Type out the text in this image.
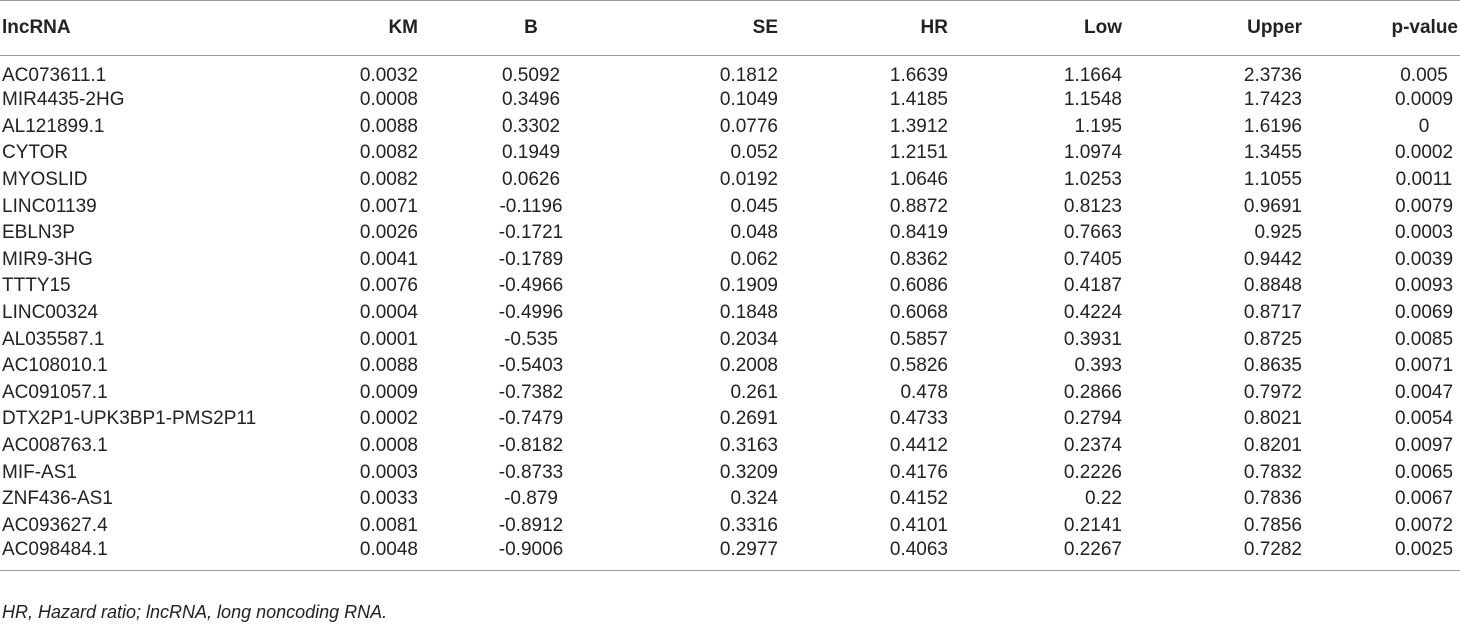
lncRNA	KM	B	SE	HR	Low	Upper	p-value
AC073611.1	0.0032	0.5092	0.1812	1.6639	1.1664	2.3736	0.005
MIR4435-2HG	0.0008	0.3496	0.1049	1.4185	1.1548	1.7423	0.0009
AL121899.1	0.0088	0.3302	0.0776	1.3912	1.195	1.6196	0
CYTOR	0.0082	0.1949	0.052	1.2151	1.0974	1.3455	0.0002
MYOSLID	0.0082	0.0626	0.0192	1.0646	1.0253	1.1055	0.0011
LINC01139	0.0071	-0.1196	0.045	0.8872	0.8123	0.9691	0.0079
EBLN3P	0.0026	-0.1721	0.048	0.8419	0.7663	0.925	0.0003
MIR9-3HG	0.0041	-0.1789	0.062	0.8362	0.7405	0.9442	0.0039
TTTY15	0.0076	-0.4966	0.1909	0.6086	0.4187	0.8848	0.0093
LINC00324	0.0004	-0.4996	0.1848	0.6068	0.4224	0.8717	0.0069
AL035587.1	0.0001	-0.535	0.2034	0.5857	0.3931	0.8725	0.0085
AC108010.1	0.0088	-0.5403	0.2008	0.5826	0.393	0.8635	0.0071
AC091057.1	0.0009	-0.7382	0.261	0.478	0.2866	0.7972	0.0047
DTX2P1-UPK3BP1-PMS2P11	0.0002	-0.7479	0.2691	0.4733	0.2794	0.8021	0.0054
AC008763.1	0.0008	-0.8182	0.3163	0.4412	0.2374	0.8201	0.0097
MIF-AS1	0.0003	-0.8733	0.3209	0.4176	0.2226	0.7832	0.0065
ZNF436-AS1	0.0033	-0.879	0.324	0.4152	0.22	0.7836	0.0067
AC093627.4	0.0081	-0.8912	0.3316	0.4101	0.2141	0.7856	0.0072
AC098484.1	0.0048	-0.9006	0.2977	0.4063	0.2267	0.7282	0.0025
HR, Hazard ratio; lncRNA, long noncoding RNA.
